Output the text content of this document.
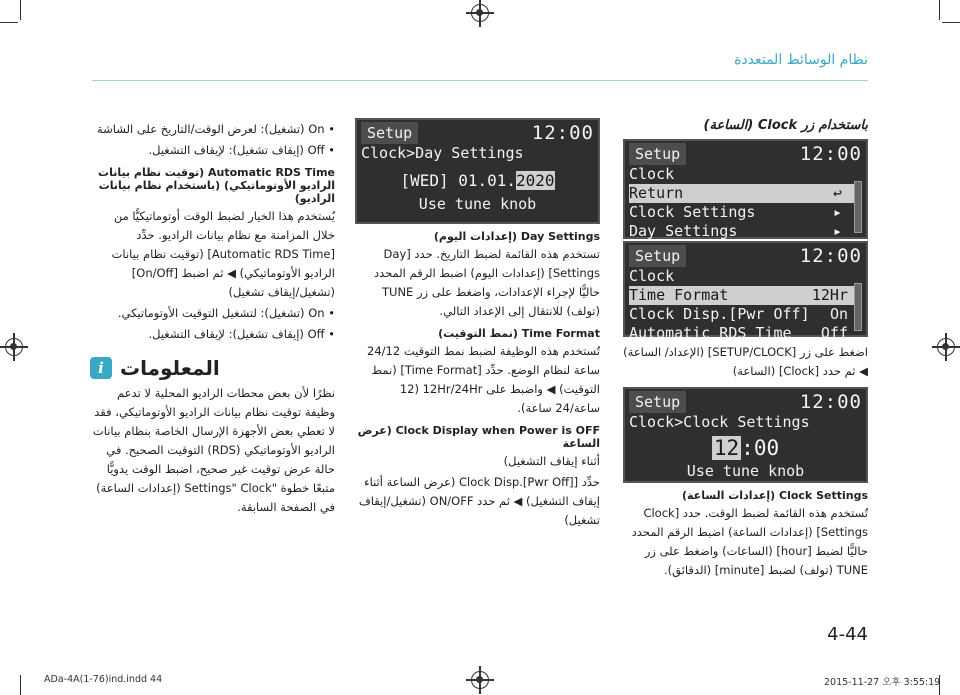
نظام الوسائط المتعددة
باستخدام زر Clock (الساعة)
Setup	12:00
Clock
Return	↩
Clock Settings	▸
Day Settings	▸
Setup	12:00
Clock
Time Format	12Hr
Clock Disp.[Pwr Off] On
Automatic RDS Time Off
اضغط على زر [SETUP/CLOCK] (الإعداد/ الساعة) ◀ ثم حدد [Clock] (الساعة)
Setup	12:00
Clock>Clock Settings
12:00
Use tune knob
Clock Settings (إعدادات الساعة)
تُستخدم هذه القائمة لضبط الوقت. حدد [Clock Settings] (إعدادات الساعة) اضبط الرقم المحدد حاليًّا لضبط [hour] (الساعات) واضغط على زر TUNE (تولف) لضبط [minute] (الدقائق).
Setup	12:00
Clock>Day Settings
[WED] 01.01.2020
Use tune knob
Day Settings (إعدادات اليوم)
تستخدم هذه القائمة لضبط التاريخ. حدد [Day Settings] (إعدادات اليوم) اضبط الرقم المحدد حاليًّا لإجراء الإعدادات، واضغط على زر TUNE (تولف) للانتقال إلى الإعداد التالي.
Time Format (نمط التوقيت)
تُستخدم هذه الوظيفة لضبط نمط التوقيت 24/12 ساعة لنظام الوضع. حدِّد [Time Format] (نمط التوقيت) ◀ واضبط على 12Hr/24Hr (12 ساعة/24 ساعة).
Clock Display when Power is OFF (عرض الساعة
أثناء إيقاف التشغيل)
حدِّد [Clock Disp.[Pwr Off] (عرض الساعة أثناء إيقاف التشغيل) ◀ ثم حدد ON/OFF (تشغيل/إيقاف تشغيل)
• On (تشغيل): لعرض الوقت/التاريخ على الشاشة
• Off (إيقاف تشغيل): لإيقاف التشغيل.
Automatic RDS Time (توقيت نظام بيانات الراديو الأوتوماتيكي) (باستخدام نظام بيانات الراديو)
يُستخدم هذا الخيار لضبط الوقت أوتوماتيكيًّا من خلال المزامنة مع نظام بيانات الراديو. حدِّد [Automatic RDS Time] (توقيت نظام بيانات الراديو الأوتوماتيكي) ◀ ثم اضبط [On/Off] (تشغيل/إيقاف تشغيل)
• On (تشغيل): لتشغيل التوقيت الأوتوماتيكي.
• Off (إيقاف تشغيل): لإيقاف التشغيل.
i المعلومات
نظرًا لأن بعض محطات الراديو المحلية لا تدعم وظيفة توقيت نظام بيانات الراديو الأوتوماتيكي، فقد لا تعطي بعض الأجهزة الإرسال الخاصة بنظام بيانات الراديو الأوتوماتيكي (RDS) التوقيت الصحيح. في حالة عرض توقيت غير صحيح، اضبط الوقت يدويًّا متبعًا خطوة "Settings" Clock (إعدادات الساعة) في الصفحة السابقة.
4-44
ADa-4A(1-76)ind.indd 44	2015-11-27 오후 3:55:19
